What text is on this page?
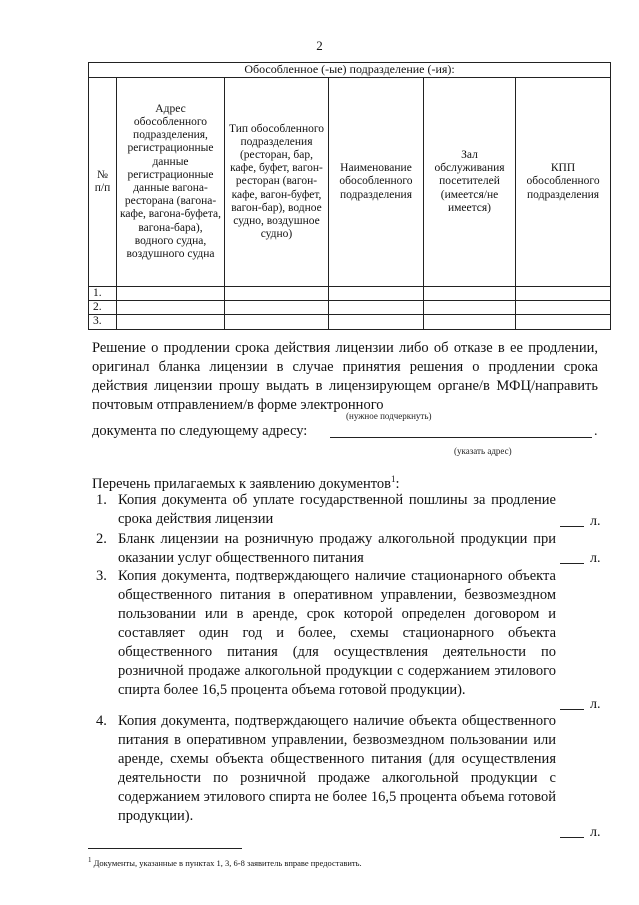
2
Обособленное (-ые) подразделение (-ия):					
№ п/п	Адрес обособленного подразделения, регистрационные данные регистрационные данные вагона-ресторана (вагона-кафе, вагона-буфета, вагона-бара), водного судна, воздушного судна	Тип обособленного подразделения (ресторан, бар, кафе, буфет, вагон-ресторан (вагон-кафе, вагон-буфет, вагон-бар), водное судно, воздушное судно)	Наименование обособленного подразделения	Зал обслуживания посетителей (имеется/не имеется)	КПП обособленного подразделения
1.					
2.					
3.					
Решение о продлении срока действия лицензии либо об отказе в ее продлении, оригинал бланка лицензии в случае принятия решения о продлении срока действия лицензии прошу выдать в лицензирующем органе/в МФЦ/направить почтовым отправлением/в форме электронного
(нужное подчеркнуть)
документа по следующему адресу:	.
(указать адрес)
Перечень прилагаемых к заявлению документов$^1$:
1. Копия документа об уплате государственной пошлины за продление срока действия лицензии	л.
2. Бланк лицензии на розничную продажу алкогольной продукции при оказании услуг общественного питания	л.
3. Копия документа, подтверждающего наличие стационарного объекта общественного питания в оперативном управлении, безвозмездном пользовании или в аренде, срок которой определен договором и составляет один год и более, схемы стационарного объекта общественного питания (для осуществления деятельности по розничной продаже алкогольной продукции с содержанием этилового спирта более 16,5 процента объема готовой продукции).
л.
4. Копия документа, подтверждающего наличие объекта общественного питания в оперативном управлении, безвозмездном пользовании или аренде, схемы объекта общественного питания (для осуществления деятельности по розничной продаже алкогольной продукции с содержанием этилового спирта не более 16,5 процента объема готовой продукции).
л.
$^1$ Документы, указанные в пунктах 1, 3, 6-8 заявитель вправе предоставить.
